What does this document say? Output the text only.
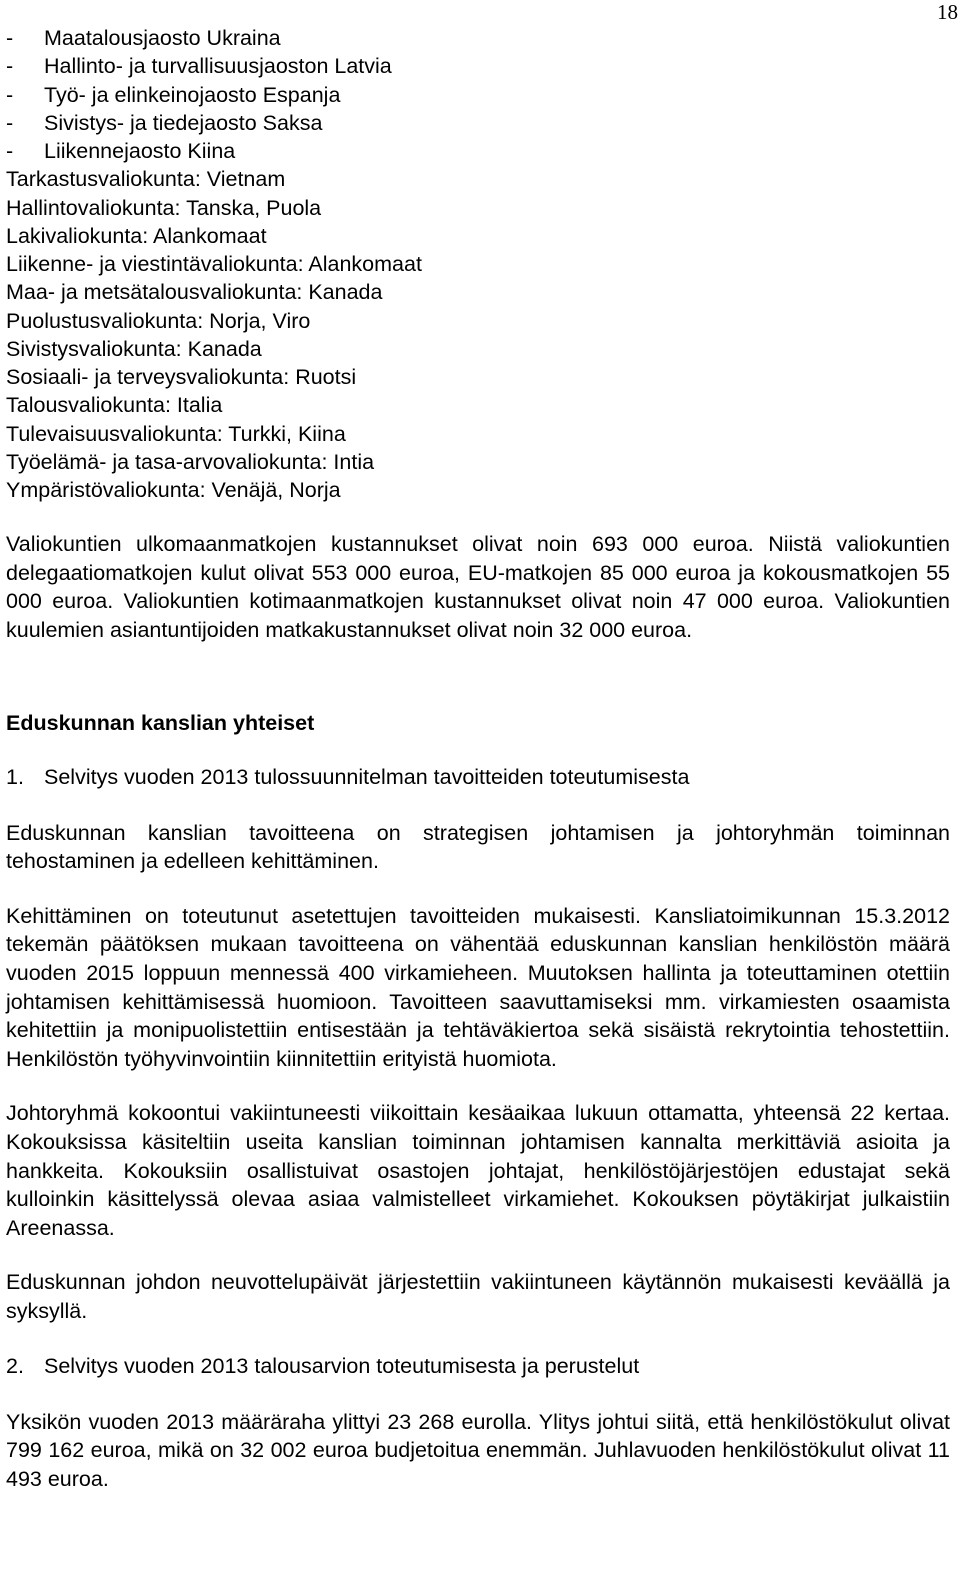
18
- Maatalousjaosto Ukraina
- Hallinto- ja turvallisuusjaoston Latvia
- Työ- ja elinkeinojaosto Espanja
- Sivistys- ja tiedejaosto Saksa
- Liikennejaosto Kiina
Tarkastusvaliokunta: Vietnam
Hallintovaliokunta: Tanska, Puola
Lakivaliokunta: Alankomaat
Liikenne- ja viestintävaliokunta: Alankomaat
Maa- ja metsätalousvaliokunta: Kanada
Puolustusvaliokunta: Norja, Viro
Sivistysvaliokunta: Kanada
Sosiaali- ja terveysvaliokunta: Ruotsi
Talousvaliokunta: Italia
Tulevaisuusvaliokunta: Turkki, Kiina
Työelämä- ja tasa-arvovaliokunta: Intia
Ympäristövaliokunta: Venäjä, Norja
Valiokuntien ulkomaanmatkojen kustannukset olivat noin 693 000 euroa. Niistä valiokuntien delegaatiomatkojen kulut olivat 553 000 euroa, EU-matkojen 85 000 euroa ja kokousmatkojen 55 000 euroa. Valiokuntien kotimaanmatkojen kustannukset olivat noin 47 000 euroa. Valiokuntien kuulemien asiantuntijoiden matkakustannukset olivat noin 32 000 euroa.
Eduskunnan kanslian yhteiset
1. Selvitys vuoden 2013 tulossuunnitelman tavoitteiden toteutumisesta
Eduskunnan kanslian tavoitteena on strategisen johtamisen ja johtoryhmän toiminnan tehostaminen ja edelleen kehittäminen.
Kehittäminen on toteutunut asetettujen tavoitteiden mukaisesti. Kansliatoimikunnan 15.3.2012 tekemän päätöksen mukaan tavoitteena on vähentää eduskunnan kanslian henkilöstön määrä vuoden 2015 loppuun mennessä 400 virkamieheen. Muutoksen hallinta ja toteuttaminen otettiin johtamisen kehittämisessä huomioon. Tavoitteen saavuttamiseksi mm. virkamiesten osaamista kehitettiin ja monipuolistettiin entisestään ja tehtäväkiertoa sekä sisäistä rekrytointia tehostettiin. Henkilöstön työhyvinvointiin kiinnitettiin erityistä huomiota.
Johtoryhmä kokoontui vakiintuneesti viikoittain kesäaikaa lukuun ottamatta, yhteensä 22 kertaa. Kokouksissa käsiteltiin useita kanslian toiminnan johtamisen kannalta merkittäviä asioita ja hankkeita. Kokouksiin osallistuivat osastojen johtajat, henkilöstöjärjestöjen edustajat sekä kulloinkin käsittelyssä olevaa asiaa valmistelleet virkamiehet. Kokouksen pöytäkirjat julkaistiin Areenassa.
Eduskunnan johdon neuvottelupäivät järjestettiin vakiintuneen käytännön mukaisesti keväällä ja syksyllä.
2. Selvitys vuoden 2013 talousarvion toteutumisesta ja perustelut
Yksikön vuoden 2013 määräraha ylittyi 23 268 eurolla. Ylitys johtui siitä, että henkilöstökulut olivat 799 162 euroa, mikä on 32 002 euroa budjetoitua enemmän. Juhlavuoden henkilöstökulut olivat 11 493 euroa.
